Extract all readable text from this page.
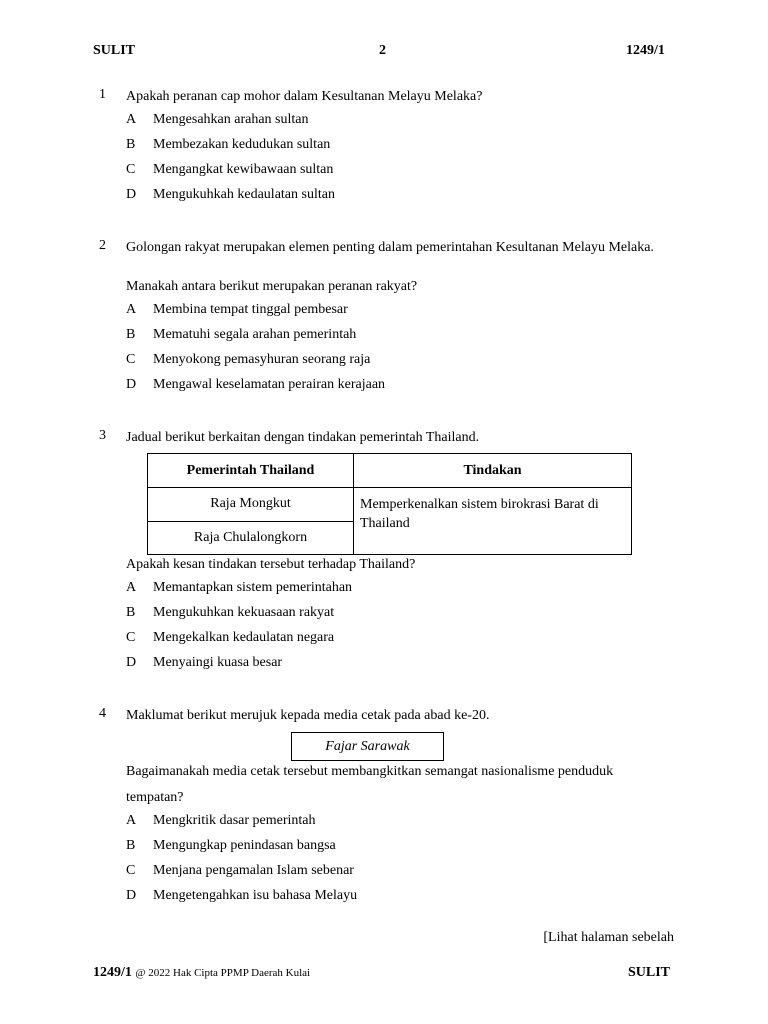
SULIT	2	1249/1
1 Apakah peranan cap mohor dalam Kesultanan Melayu Melaka?
A Mengesahkan arahan sultan
B Membezakan kedudukan sultan
C Mengangkat kewibawaan sultan
D Mengukuhkah kedaulatan sultan
2 Golongan rakyat merupakan elemen penting dalam pemerintahan Kesultanan Melayu Melaka.
Manakah antara berikut merupakan peranan rakyat?
A Membina tempat tinggal pembesar
B Mematuhi segala arahan pemerintah
C Menyokong pemasyhuran seorang raja
D Mengawal keselamatan perairan kerajaan
3 Jadual berikut berkaitan dengan tindakan pemerintah Thailand.
Pemerintah Thailand	Tindakan
Raja Mongkut	Memperkenalkan sistem birokrasi Barat di Thailand
Raja Chulalongkorn	
Apakah kesan tindakan tersebut terhadap Thailand?
A Memantapkan sistem pemerintahan
B Mengukuhkan kekuasaan rakyat
C Mengekalkan kedaulatan negara
D Menyaingi kuasa besar
4 Maklumat berikut merujuk kepada media cetak pada abad ke-20.
Fajar Sarawak
Bagaimanakah media cetak tersebut membangkitkan semangat nasionalisme penduduk
tempatan?
A Mengkritik dasar pemerintah
B Mengungkap penindasan bangsa
C Menjana pengamalan Islam sebenar
D Mengetengahkan isu bahasa Melayu
[Lihat halaman sebelah
1249/1 @ 2022 Hak Cipta PPMP Daerah Kulai	SULIT
